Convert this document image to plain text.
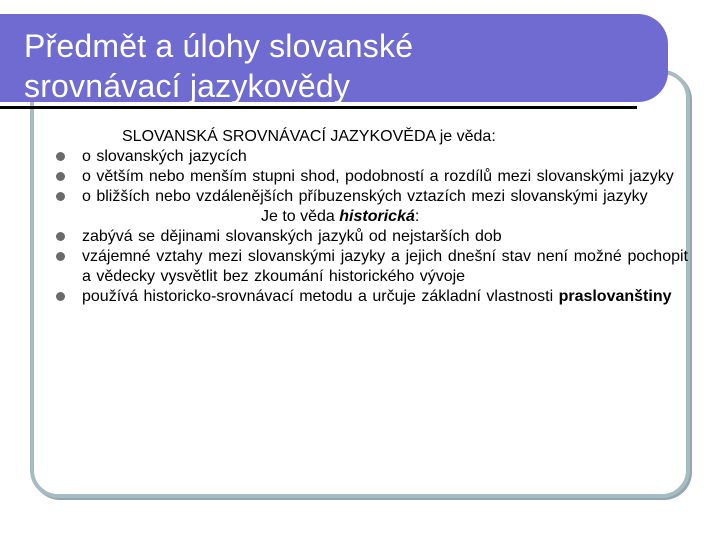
Předmět a úlohy slovanské
srovnávací jazykovědy
SLOVANSKÁ SROVNÁVACÍ JAZYKOVĚDA je věda:
o slovanských jazycích
o větším nebo menším stupni shod, podobností a rozdílů mezi slovanskými jazyky
o bližších nebo vzdálenějších příbuzenských vztazích mezi slovanskými jazyky
Je to věda historická:
zabývá se dějinami slovanských jazyků od nejstarších dob
vzájemné vztahy mezi slovanskými jazyky a jejich dnešní stav není možné pochopit a vědecky vysvětlit bez zkoumání historického vývoje
používá historicko-srovnávací metodu a určuje základní vlastnosti praslovanštiny
